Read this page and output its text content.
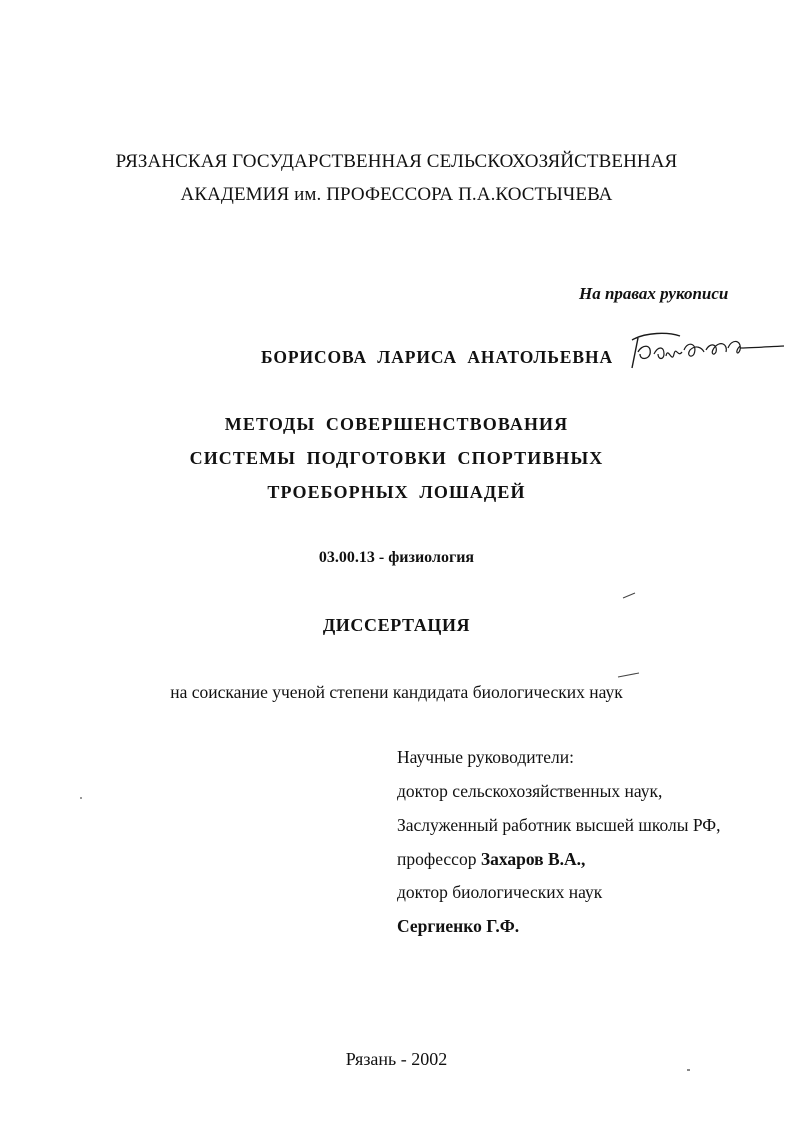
РЯЗАНСКАЯ ГОСУДАРСТВЕННАЯ СЕЛЬСКОХОЗЯЙСТВЕННАЯ
АКАДЕМИЯ им. ПРОФЕССОРА П.А.КОСТЫЧЕВА
На правах рукописи
БОРИСОВА ЛАРИСА АНАТОЛЬЕВНА
МЕТОДЫ СОВЕРШЕНСТВОВАНИЯ
СИСТЕМЫ ПОДГОТОВКИ СПОРТИВНЫХ
ТРОЕБОРНЫХ ЛОШАДЕЙ
03.00.13 - физиология
ДИССЕРТАЦИЯ
на соискание ученой степени кандидата биологических наук
Научные руководители:
доктор сельскохозяйственных наук,
Заслуженный работник высшей школы РФ,
профессор Захаров В.А.,
доктор биологических наук
Сергиенко Г.Ф.
Рязань - 2002
